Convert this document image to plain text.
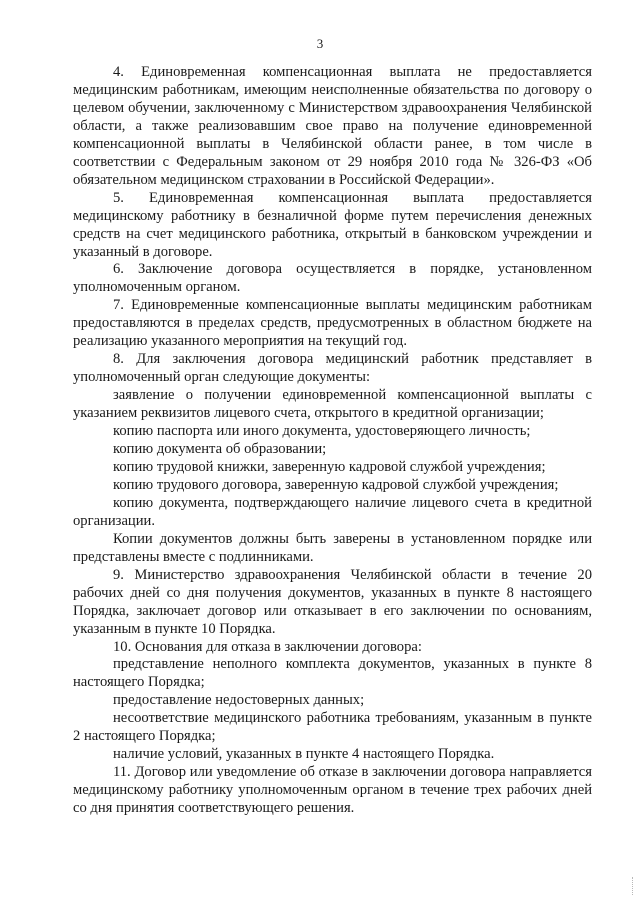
3

4. Единовременная компенсационная выплата не предоставляется медицинским работникам, имеющим неисполненные обязательства по договору о целевом обучении, заключенному с Министерством здравоохранения Челябинской области, а также реализовавшим свое право на получение единовременной компенсационной выплаты в Челябинской области ранее, в том числе в соответствии с Федеральным законом от 29 ноября 2010 года № 326-ФЗ «Об обязательном медицинском страховании в Российской Федерации».

5. Единовременная компенсационная выплата предоставляется медицинскому работнику в безналичной форме путем перечисления денежных средств на счет медицинского работника, открытый в банковском учреждении и указанный в договоре.

6. Заключение договора осуществляется в порядке, установленном уполномоченным органом.

7. Единовременные компенсационные выплаты медицинским работникам предоставляются в пределах средств, предусмотренных в областном бюджете на реализацию указанного мероприятия на текущий год.

8. Для заключения договора медицинский работник представляет в уполномоченный орган следующие документы:

заявление о получении единовременной компенсационной выплаты с указанием реквизитов лицевого счета, открытого в кредитной организации;

копию паспорта или иного документа, удостоверяющего личность;

копию документа об образовании;

копию трудовой книжки, заверенную кадровой службой учреждения;

копию трудового договора, заверенную кадровой службой учреждения;

копию документа, подтверждающего наличие лицевого счета в кредитной организации.

Копии документов должны быть заверены в установленном порядке или представлены вместе с подлинниками.

9. Министерство здравоохранения Челябинской области в течение 20 рабочих дней со дня получения документов, указанных в пункте 8 настоящего Порядка, заключает договор или отказывает в его заключении по основаниям, указанным в пункте 10 Порядка.

10. Основания для отказа в заключении договора:

представление неполного комплекта документов, указанных в пункте 8 настоящего Порядка;

предоставление недостоверных данных;

несоответствие медицинского работника требованиям, указанным в пункте 2 настоящего Порядка;

наличие условий, указанных в пункте 4 настоящего Порядка.

11. Договор или уведомление об отказе в заключении договора направляется медицинскому работнику уполномоченным органом в течение трех рабочих дней со дня принятия соответствующего решения.
